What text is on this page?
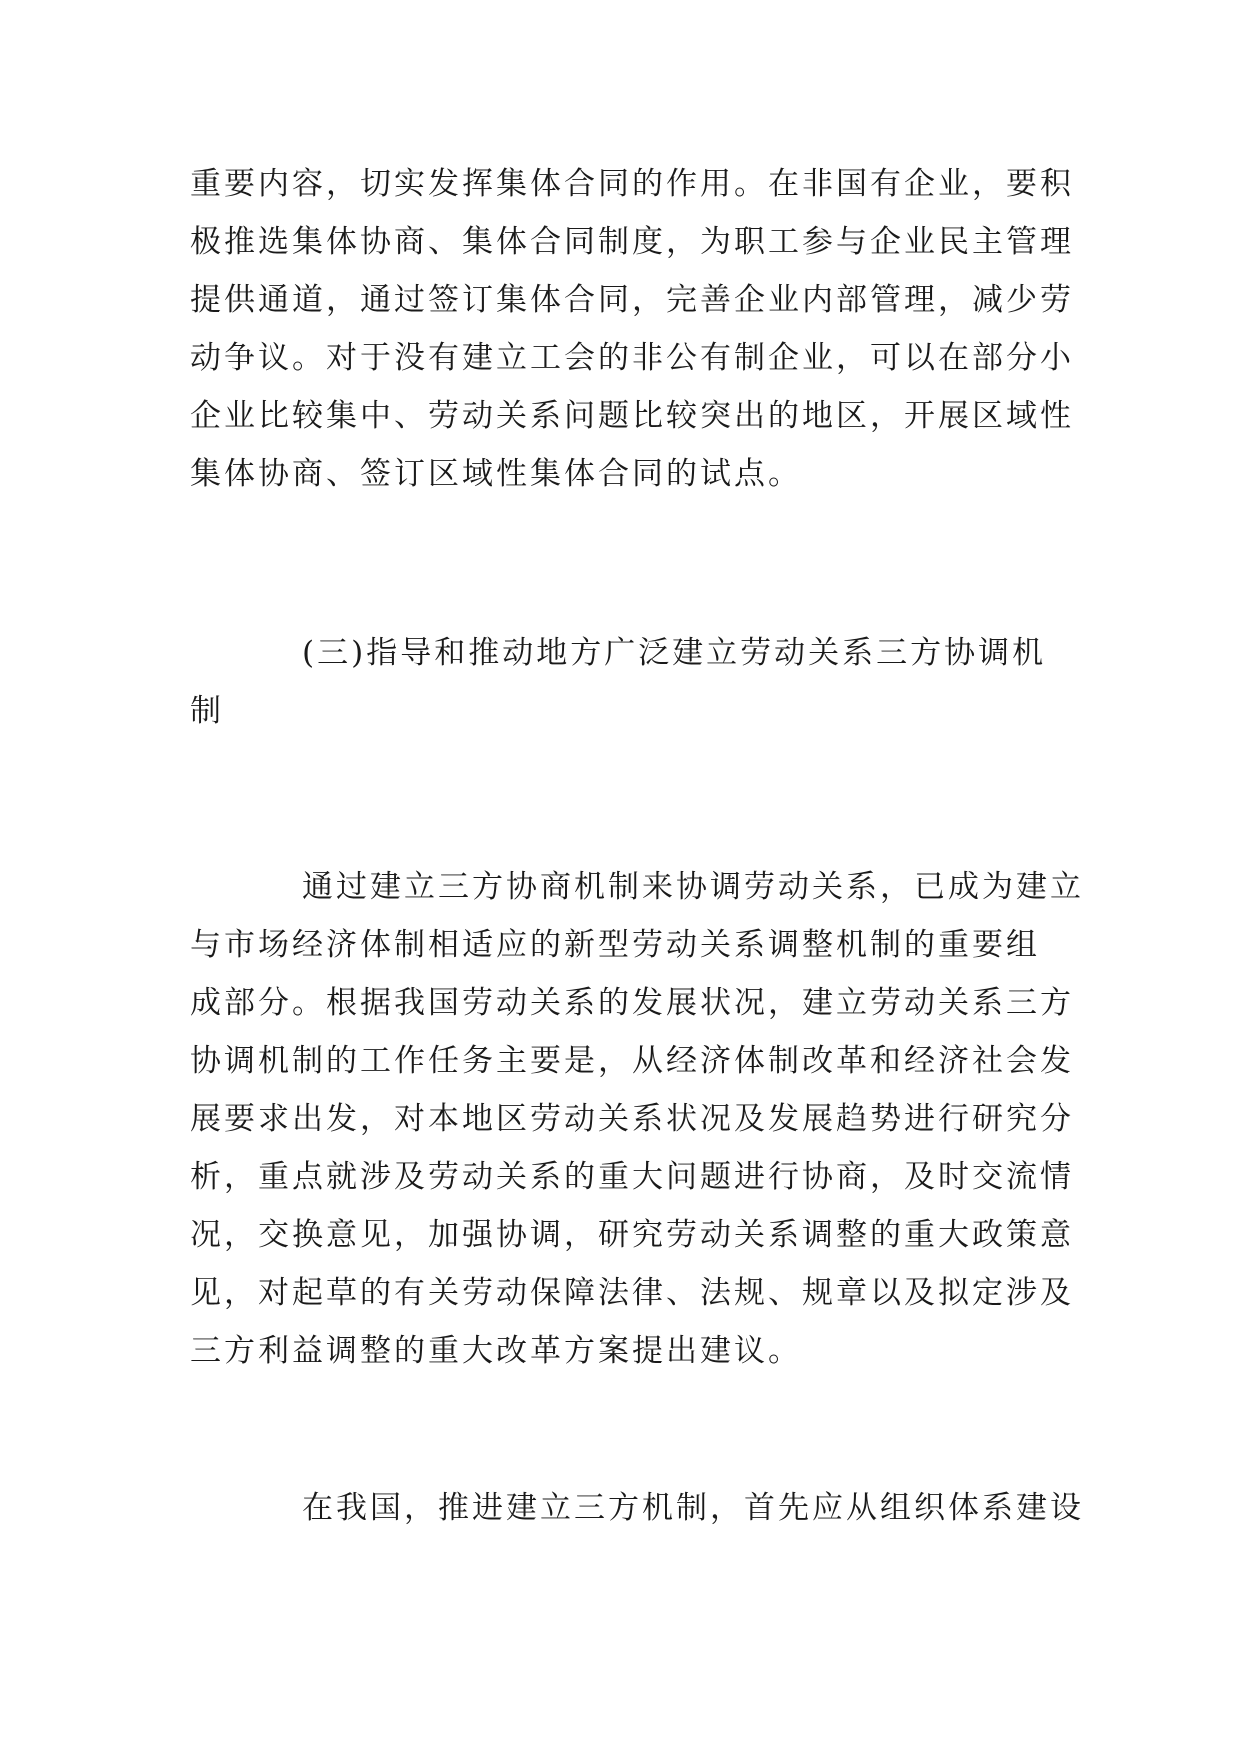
重要内容，切实发挥集体合同的作用。在非国有企业，要积
极推选集体协商、集体合同制度，为职工参与企业民主管理
提供通道，通过签订集体合同，完善企业内部管理，减少劳
动争议。对于没有建立工会的非公有制企业，可以在部分小
企业比较集中、劳动关系问题比较突出的地区，开展区域性
集体协商、签订区域性集体合同的试点。

(三)指导和推动地方广泛建立劳动关系三方协调机
制

通过建立三方协商机制来协调劳动关系，已成为建立
与市场经济体制相适应的新型劳动关系调整机制的重要组
成部分。根据我国劳动关系的发展状况，建立劳动关系三方
协调机制的工作任务主要是，从经济体制改革和经济社会发
展要求出发，对本地区劳动关系状况及发展趋势进行研究分
析，重点就涉及劳动关系的重大问题进行协商，及时交流情
况，交换意见，加强协调，研究劳动关系调整的重大政策意
见，对起草的有关劳动保障法律、法规、规章以及拟定涉及
三方利益调整的重大改革方案提出建议。

在我国，推进建立三方机制，首先应从组织体系建设
